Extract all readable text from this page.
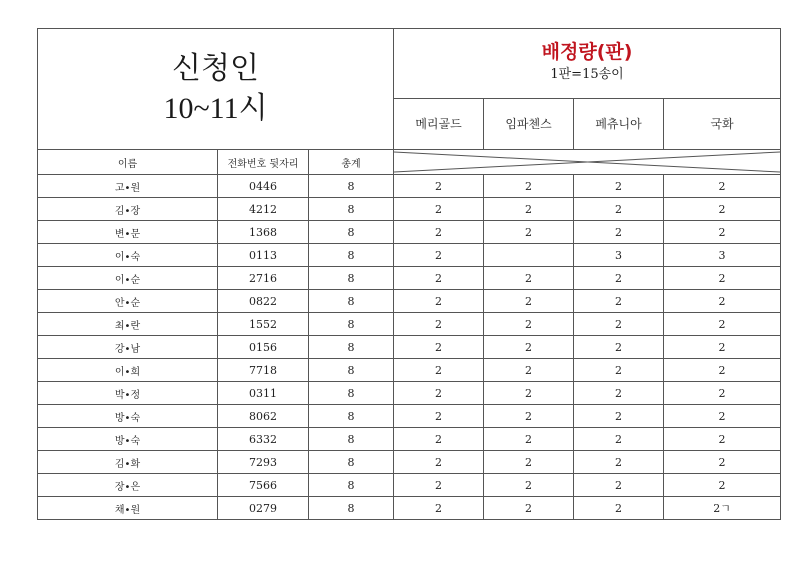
신청인
10~11시

배정량(판)
1판=15송이

			메리골드	임파첸스	페츄니아	국화
이름	전화번호 뒷자리	총계	

고•원	0446	8	2	2	2	2
김•장	4212	8	2	2	2	2
변•문	1368	8	2	2	2	2
이•숙	0113	8	2		3	3
이•순	2716	8	2	2	2	2
안•순	0822	8	2	2	2	2
최•란	1552	8	2	2	2	2
강•남	0156	8	2	2	2	2
이•희	7718	8	2	2	2	2
박•정	0311	8	2	2	2	2
방•숙	8062	8	2	2	2	2
방•숙	6332	8	2	2	2	2
김•화	7293	8	2	2	2	2
장•은	7566	8	2	2	2	2
채•원	0279	8	2	2	2	2ㄱ
